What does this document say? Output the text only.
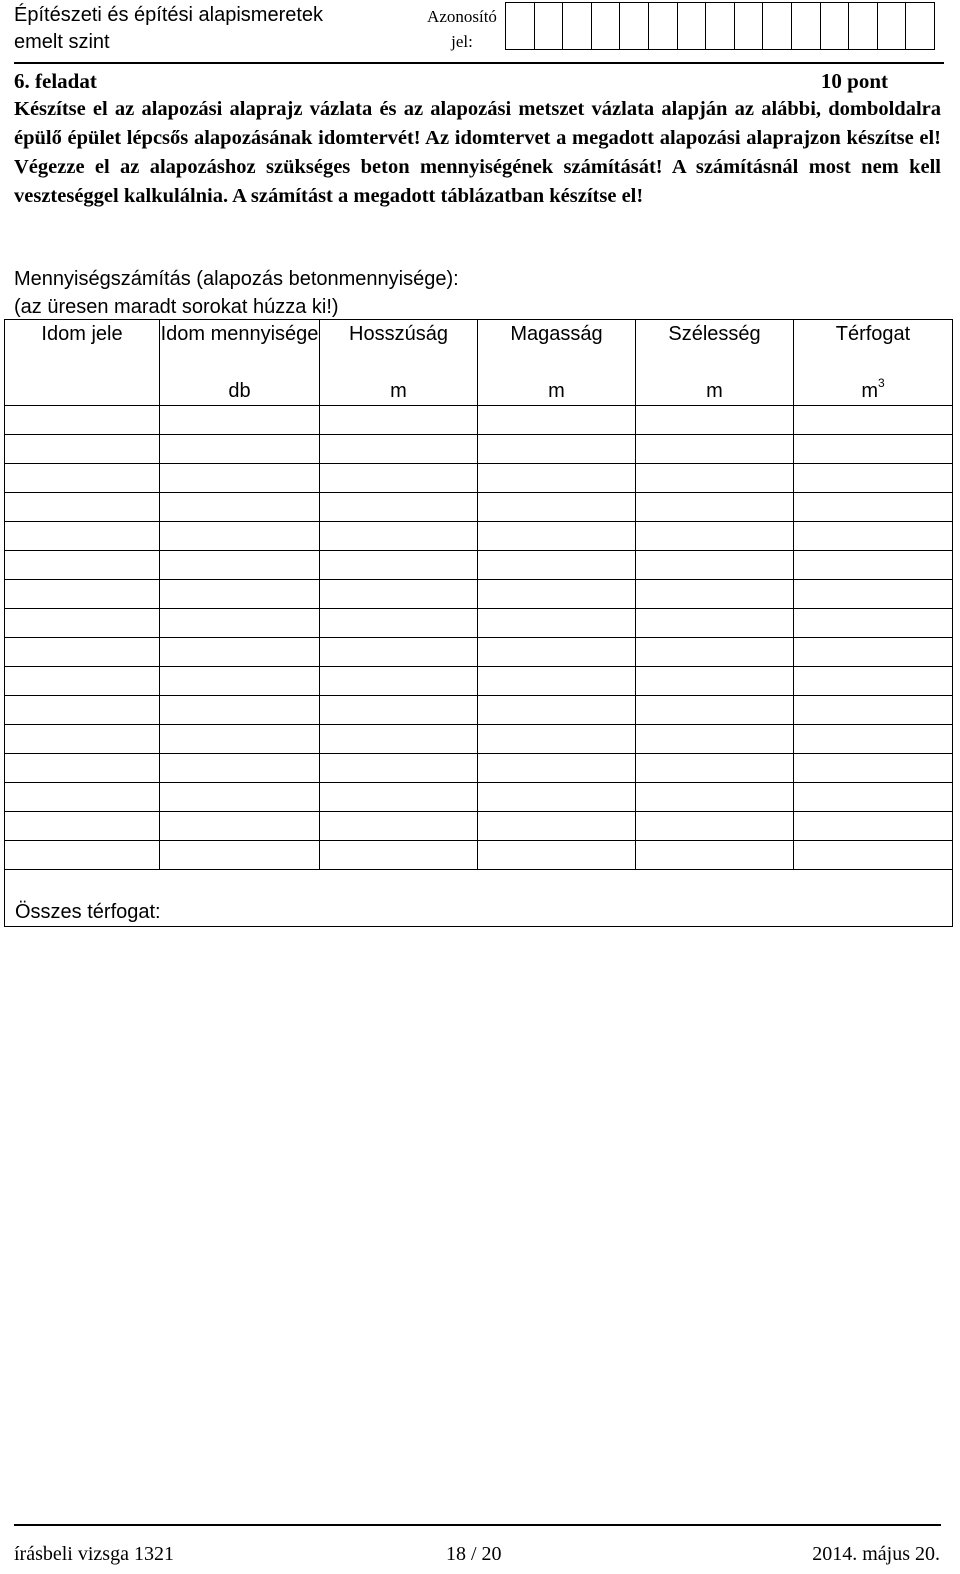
Építészeti és építési alapismeretek
emelt szint
Azonosító
jel:
6. feladat	10 pont
Készítse el az alapozási alaprajz vázlata és az alapozási metszet vázlata alapján az alábbi, domboldalra épülő épület lépcsős alapozásának idomtervét! Az idomtervet a megadott alapozási alaprajzon készítse el! Végezze el az alapozáshoz szükséges beton mennyiségének számítását! A számításnál most nem kell veszteséggel kalkulálnia. A számítást a megadott táblázatban készítse el!
Mennyiségszámítás (alapozás betonmennyisége):
(az üresen maradt sorokat húzza ki!)
Idom jele	Idom mennyisége	Hosszúság	Magasság	Szélesség	Térfogat
	db	m	m	m	$m^3$

Összes térfogat:					
írásbeli vizsga 1321	18 / 20	2014. május 20.
